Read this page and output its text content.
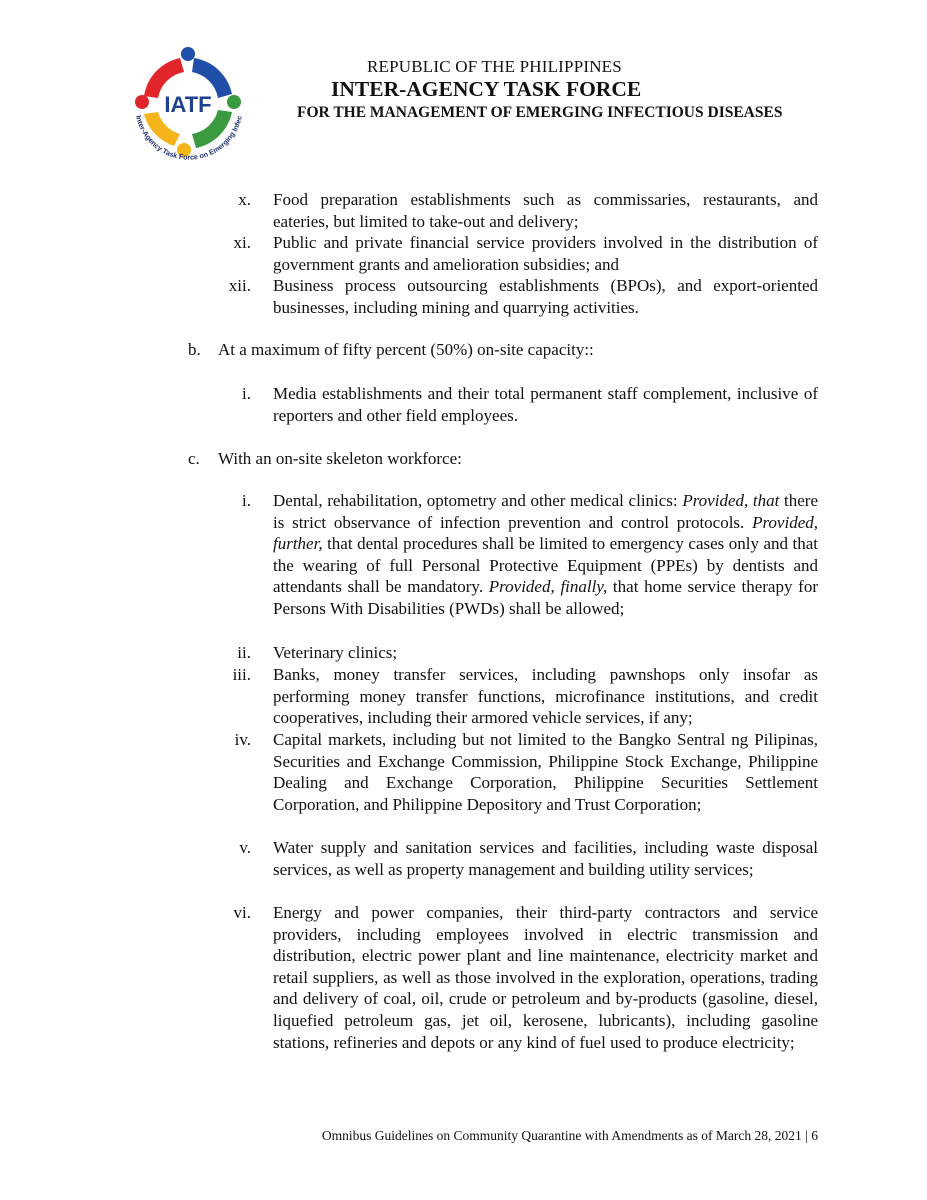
IATF
Inter-Agency Task Force on Emerging Infec
REPUBLIC OF THE PHILIPPINES
INTER-AGENCY TASK FORCE
FOR THE MANAGEMENT OF EMERGING INFECTIOUS DISEASES
x. Food preparation establishments such as commissaries, restaurants, and eateries, but limited to take-out and delivery;
xi. Public and private financial service providers involved in the distribution of government grants and amelioration subsidies; and
xii. Business process outsourcing establishments (BPOs), and export-oriented businesses, including mining and quarrying activities.
b. At a maximum of fifty percent (50%) on-site capacity::
i. Media establishments and their total permanent staff complement, inclusive of reporters and other field employees.
c. With an on-site skeleton workforce:
i. Dental, rehabilitation, optometry and other medical clinics: Provided, that there is strict observance of infection prevention and control protocols. Provided, further, that dental procedures shall be limited to emergency cases only and that the wearing of full Personal Protective Equipment (PPEs) by dentists and attendants shall be mandatory. Provided, finally, that home service therapy for Persons With Disabilities (PWDs) shall be allowed;
ii. Veterinary clinics;
iii. Banks, money transfer services, including pawnshops only insofar as performing money transfer functions, microfinance institutions, and credit cooperatives, including their armored vehicle services, if any;
iv. Capital markets, including but not limited to the Bangko Sentral ng Pilipinas, Securities and Exchange Commission, Philippine Stock Exchange, Philippine Dealing and Exchange Corporation, Philippine Securities Settlement Corporation, and Philippine Depository and Trust Corporation;
v. Water supply and sanitation services and facilities, including waste disposal services, as well as property management and building utility services;
vi. Energy and power companies, their third-party contractors and service providers, including employees involved in electric transmission and distribution, electric power plant and line maintenance, electricity market and retail suppliers, as well as those involved in the exploration, operations, trading and delivery of coal, oil, crude or petroleum and by-products (gasoline, diesel, liquefied petroleum gas, jet oil, kerosene, lubricants), including gasoline stations, refineries and depots or any kind of fuel used to produce electricity;
Omnibus Guidelines on Community Quarantine with Amendments as of March 28, 2021 | 6
